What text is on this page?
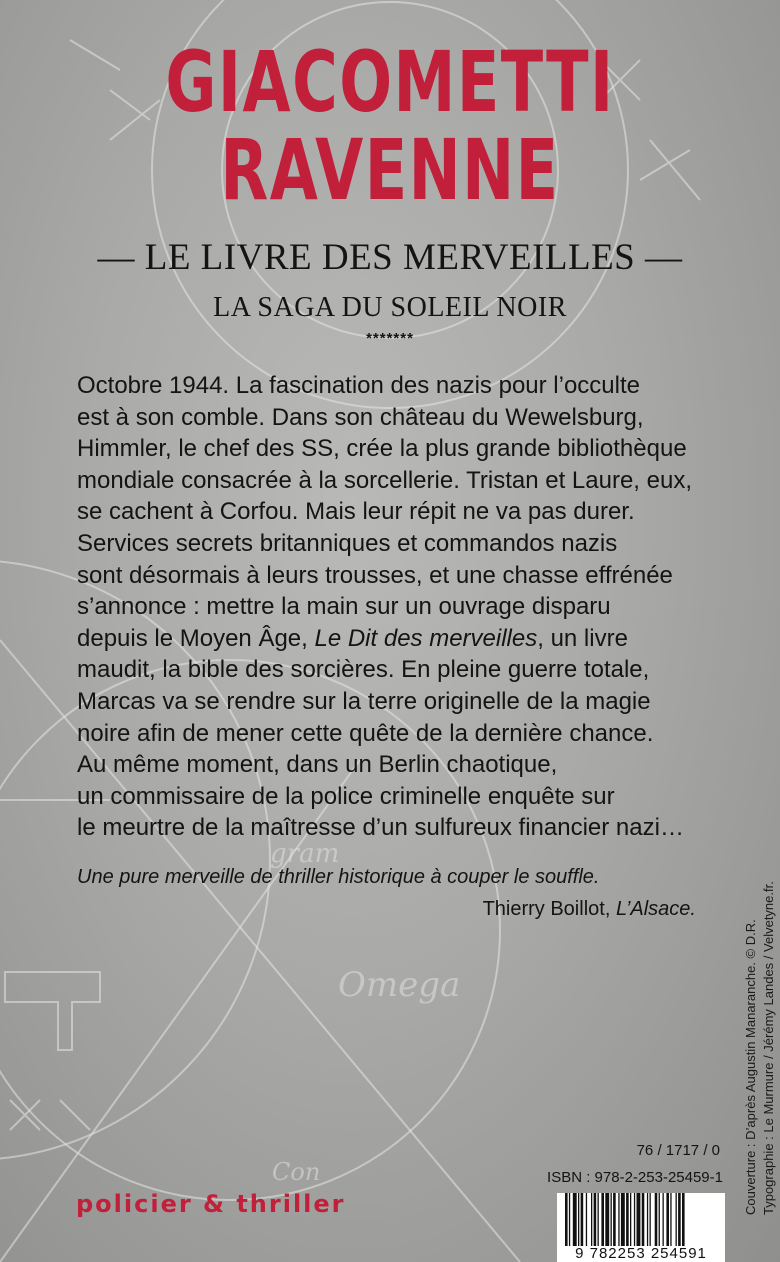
gram
Omega
Con
GIACOMETTI
RAVENNE
— LE LIVRE DES MERVEILLES —
LA SAGA DU SOLEIL NOIR
*******
Octobre 1944. La fascination des nazis pour l’occulte
est à son comble. Dans son château du Wewelsburg,
Himmler, le chef des SS, crée la plus grande bibliothèque
mondiale consacrée à la sorcellerie. Tristan et Laure, eux,
se cachent à Corfou. Mais leur répit ne va pas durer.
Services secrets britanniques et commandos nazis
sont désormais à leurs trousses, et une chasse effrénée
s’annonce : mettre la main sur un ouvrage disparu
depuis le Moyen Âge, Le Dit des merveilles, un livre
maudit, la bible des sorcières. En pleine guerre totale,
Marcas va se rendre sur la terre originelle de la magie
noire afin de mener cette quête de la dernière chance.
Au même moment, dans un Berlin chaotique,
un commissaire de la police criminelle enquête sur
le meurtre de la maîtresse d’un sulfureux financier nazi…
Une pure merveille de thriller historique à couper le souffle.
Thierry Boillot, L’Alsace.
76 / 1717 / 0
ISBN : 978-2-253-25459-1
policier & thriller	Couverture : D’après Augustin Manaranche. © D.R. Typographie : Le Murmure / Jérémy Landes / Velvetyne.fr.
9 782253 254591
